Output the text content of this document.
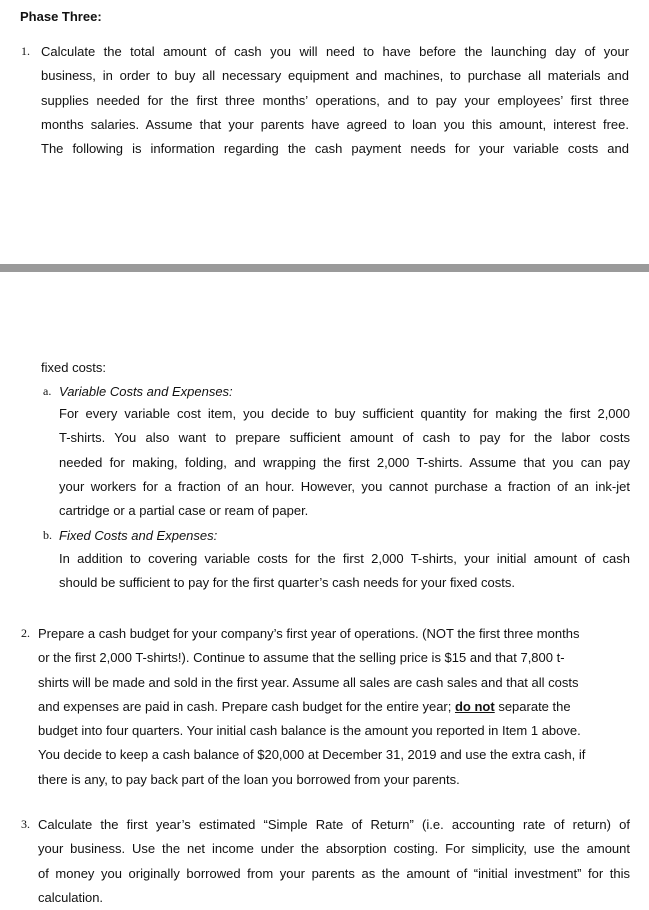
Phase Three:
1. Calculate the total amount of cash you will need to have before the launching day of your
business, in order to buy all necessary equipment and machines, to purchase all materials and
supplies needed for the first three months’ operations, and to pay your employees’ first three
months salaries. Assume that your parents have agreed to loan you this amount, interest free.
The following is information regarding the cash payment needs for your variable costs and
fixed costs:
a. Variable Costs and Expenses:
For every variable cost item, you decide to buy sufficient quantity for making the first 2,000
T-shirts. You also want to prepare sufficient amount of cash to pay for the labor costs
needed for making, folding, and wrapping the first 2,000 T-shirts. Assume that you can pay
your workers for a fraction of an hour. However, you cannot purchase a fraction of an ink-jet
cartridge or a partial case or ream of paper.
b. Fixed Costs and Expenses:
In addition to covering variable costs for the first 2,000 T-shirts, your initial amount of cash
should be sufficient to pay for the first quarter’s cash needs for your fixed costs.
2. Prepare a cash budget for your company’s first year of operations. (NOT the first three months
or the first 2,000 T-shirts!). Continue to assume that the selling price is $15 and that 7,800 t-
shirts will be made and sold in the first year. Assume all sales are cash sales and that all costs
and expenses are paid in cash. Prepare cash budget for the entire year; do not separate the
budget into four quarters. Your initial cash balance is the amount you reported in Item 1 above.
You decide to keep a cash balance of $20,000 at December 31, 2019 and use the extra cash, if
there is any, to pay back part of the loan you borrowed from your parents.
3. Calculate the first year’s estimated “Simple Rate of Return” (i.e. accounting rate of return) of
your business. Use the net income under the absorption costing. For simplicity, use the amount
of money you originally borrowed from your parents as the amount of “initial investment” for this
calculation.
